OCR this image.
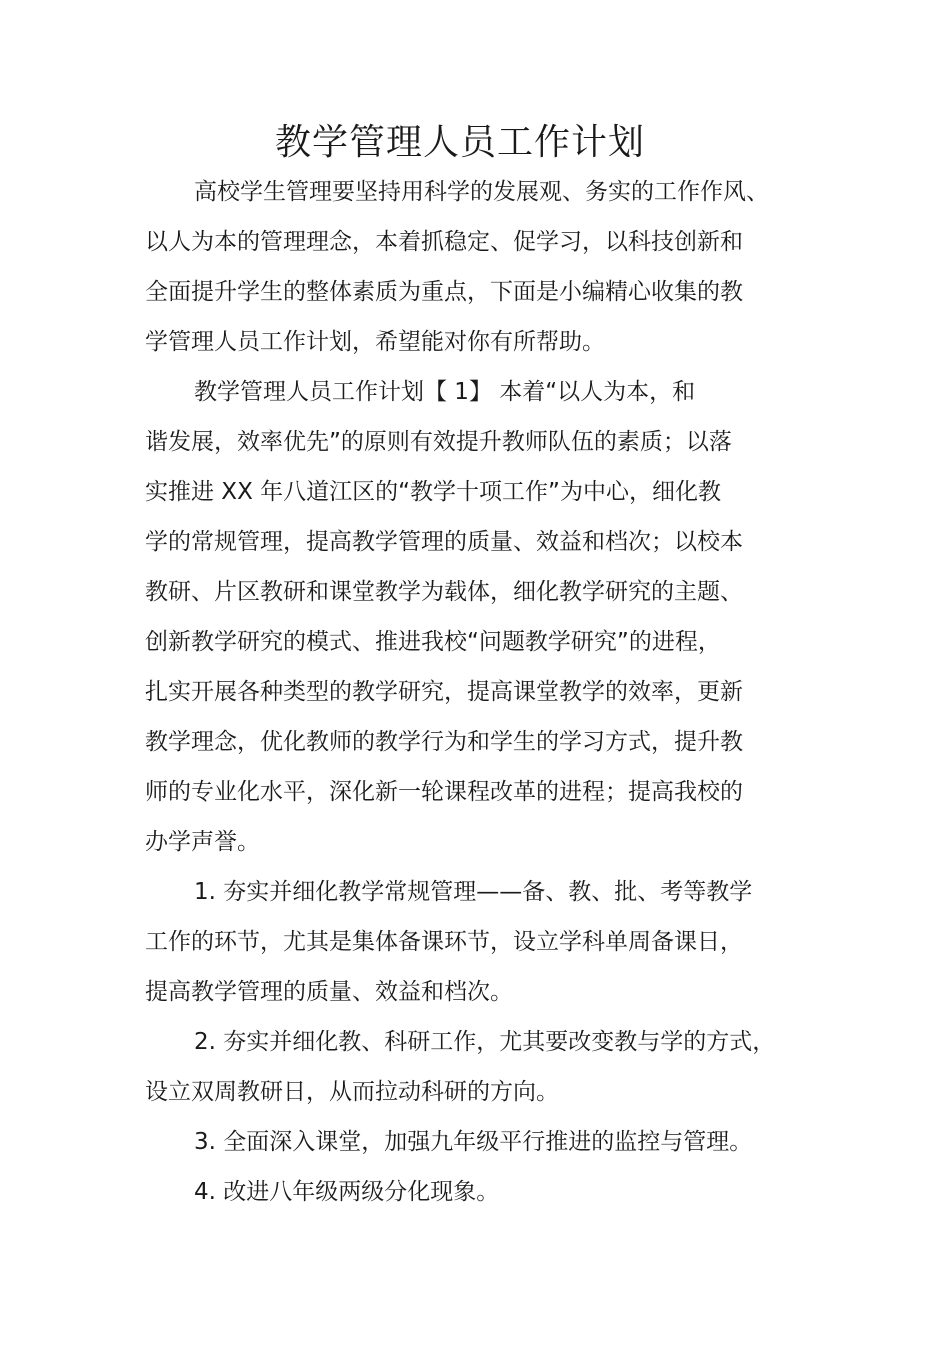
教学管理人员工作计划
高校学生管理要坚持用科学的发展观、务实的工作作风、
以人为本的管理理念，本着抓稳定、促学习，以科技创新和
全面提升学生的整体素质为重点，下面是小编精心收集的教
学管理人员工作计划，希望能对你有所帮助。
教学管理人员工作计划【 1】 本着“以人为本，和
谐发展，效率优先”的原则有效提升教师队伍的素质；以落
实推进 XX 年八道江区的“教学十项工作”为中心，细化教
学的常规管理，提高教学管理的质量、效益和档次；以校本
教研、片区教研和课堂教学为载体，细化教学研究的主题、
创新教学研究的模式、推进我校“问题教学研究”的进程，
扎实开展各种类型的教学研究，提高课堂教学的效率，更新
教学理念，优化教师的教学行为和学生的学习方式，提升教
师的专业化水平，深化新一轮课程改革的进程；提高我校的
办学声誉。
1. 夯实并细化教学常规管理——备、教、批、考等教学
工作的环节，尤其是集体备课环节，设立学科单周备课日，
提高教学管理的质量、效益和档次。
2. 夯实并细化教、科研工作，尤其要改变教与学的方式，
设立双周教研日，从而拉动科研的方向。
3. 全面深入课堂，加强九年级平行推进的监控与管理。
4. 改进八年级两级分化现象。
